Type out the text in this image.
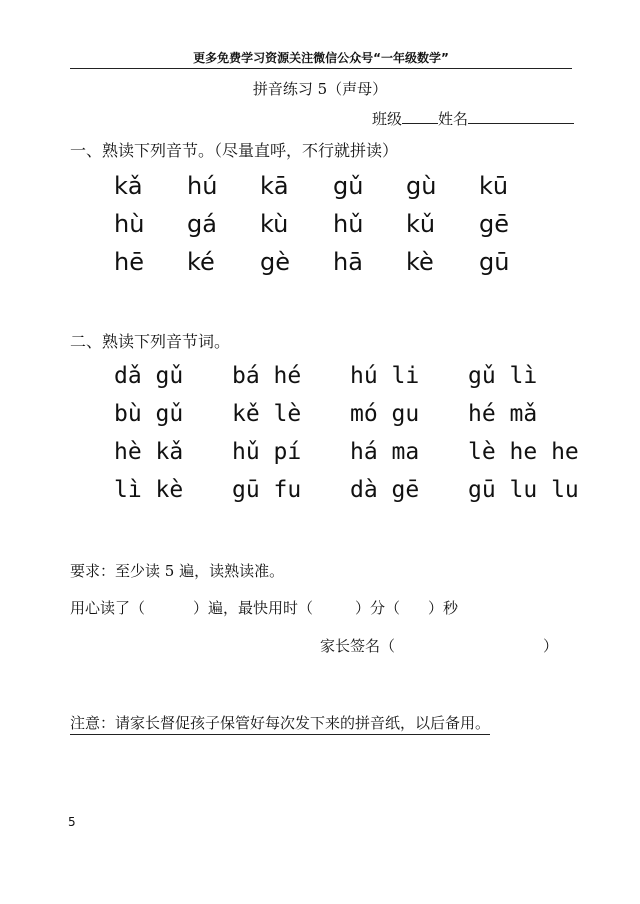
更多免费学习资源关注微信公众号“一年级数学”
拼音练习 5（声母）
班级 姓名
一、熟读下列音节。（尽量直呼，不行就拼读）
kǎ	hú	kā	gǔ	gù	kū
hù	gá	kù	hǔ	kǔ	gē
hē	ké	gè	hā	kè	gū
二、熟读下列音节词。
dǎ gǔ	bá hé	hú li	gǔ lì
bù gǔ	kě lè	mó gu	hé mǎ
hè kǎ	hǔ pí	há ma	lè he he
lì kè	gū fu	dà gē	gū lu lu
要求：至少读 5 遍，读熟读准。
用心读了（	）遍，最快用时（	）分（ ）秒
家长签名（	）
注意：请家长督促孩子保管好每次发下来的拼音纸，以后备用。
5
